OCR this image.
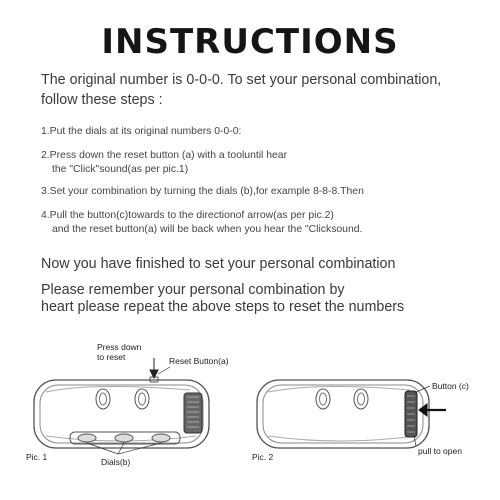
INSTRUCTIONS
The original number is 0-0-0. To set your personal combination,
follow these steps :
1.Put the dials at its original numbers 0-0-0:
2.Press down the reset button (a) with a tooluntil hear
the "Click"sound(as per pic.1)
3.Set your combination by turning the dials (b),for example 8-8-8.Then
4.Pull the button(c)towards to the directionof arrow(as per pic.2)
and the reset button(a) will be back when you hear the "Clicksound.
Now you have finished to set your personal combination
Please remember your personal combination by
heart please repeat the above steps to reset the numbers
Press down
to reset	Reset Button(a)
Pic. 1	Dials(b)
Button (c)
Pic. 2
pull to open
